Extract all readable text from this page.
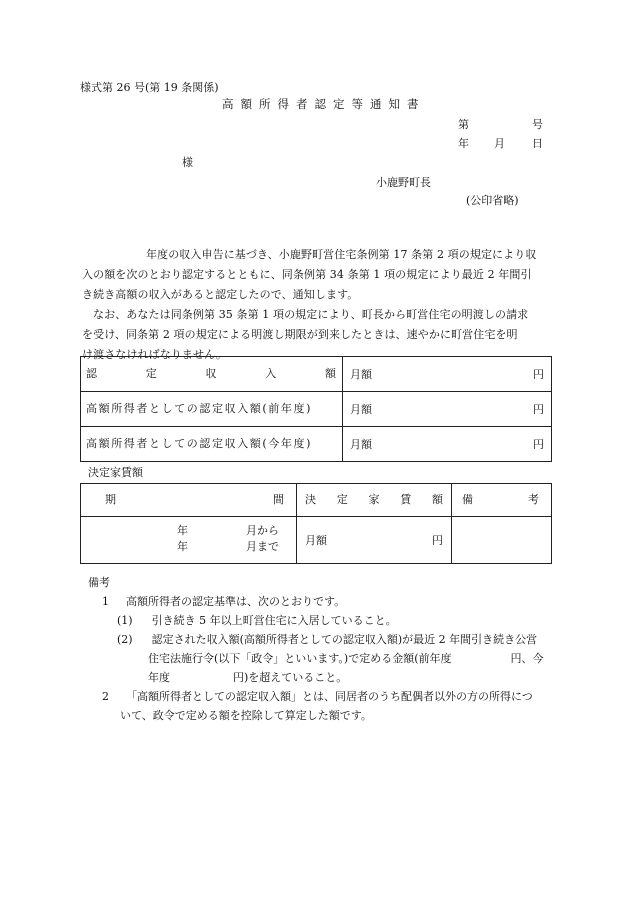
様式第 26 号(第 19 条関係)
高額所得者認定等通知書
第	号
年 月 日
様
小鹿野町長
(公印省略)

年度の収入申告に基づき、小鹿野町営住宅条例第 17 条第 2 項の規定により収

入の額を次のとおり認定するとともに、同条例第 34 条第 1 項の規定により最近 2 年間引

き続き高額の収入があると認定したので、通知します。

なお、あなたは同条例第 35 条第 1 項の規定により、町長から町営住宅の明渡しの請求

を受け、同条第 2 項の規定による明渡し期限が到来したときは、速やかに町営住宅を明

け渡さなければなりません。

認 定 収 入 額	月額 円

高額所得者としての認定収入額(前年度)	月額 円

高額所得者としての認定収入額(今年度)	月額 円
決定家賃額
期 間	決 定 家 賃 額	備 考

年 月から
年 月まで	月額 円	

備考
1 高額所得者の認定基準は、次のとおりです。
(1) 引き続き 5 年以上町営住宅に入居していること。
(2) 認定された収入額(高額所得者としての認定収入額)が最近 2 年間引き続き公営
住宅法施行令(以下「政令」といいます。)で定める金額(前年度	円、今
年度	円)を超えていること。
2 「高額所得者としての認定収入額」とは、同居者のうち配偶者以外の方の所得につ
いて、政令で定める額を控除して算定した額です。
